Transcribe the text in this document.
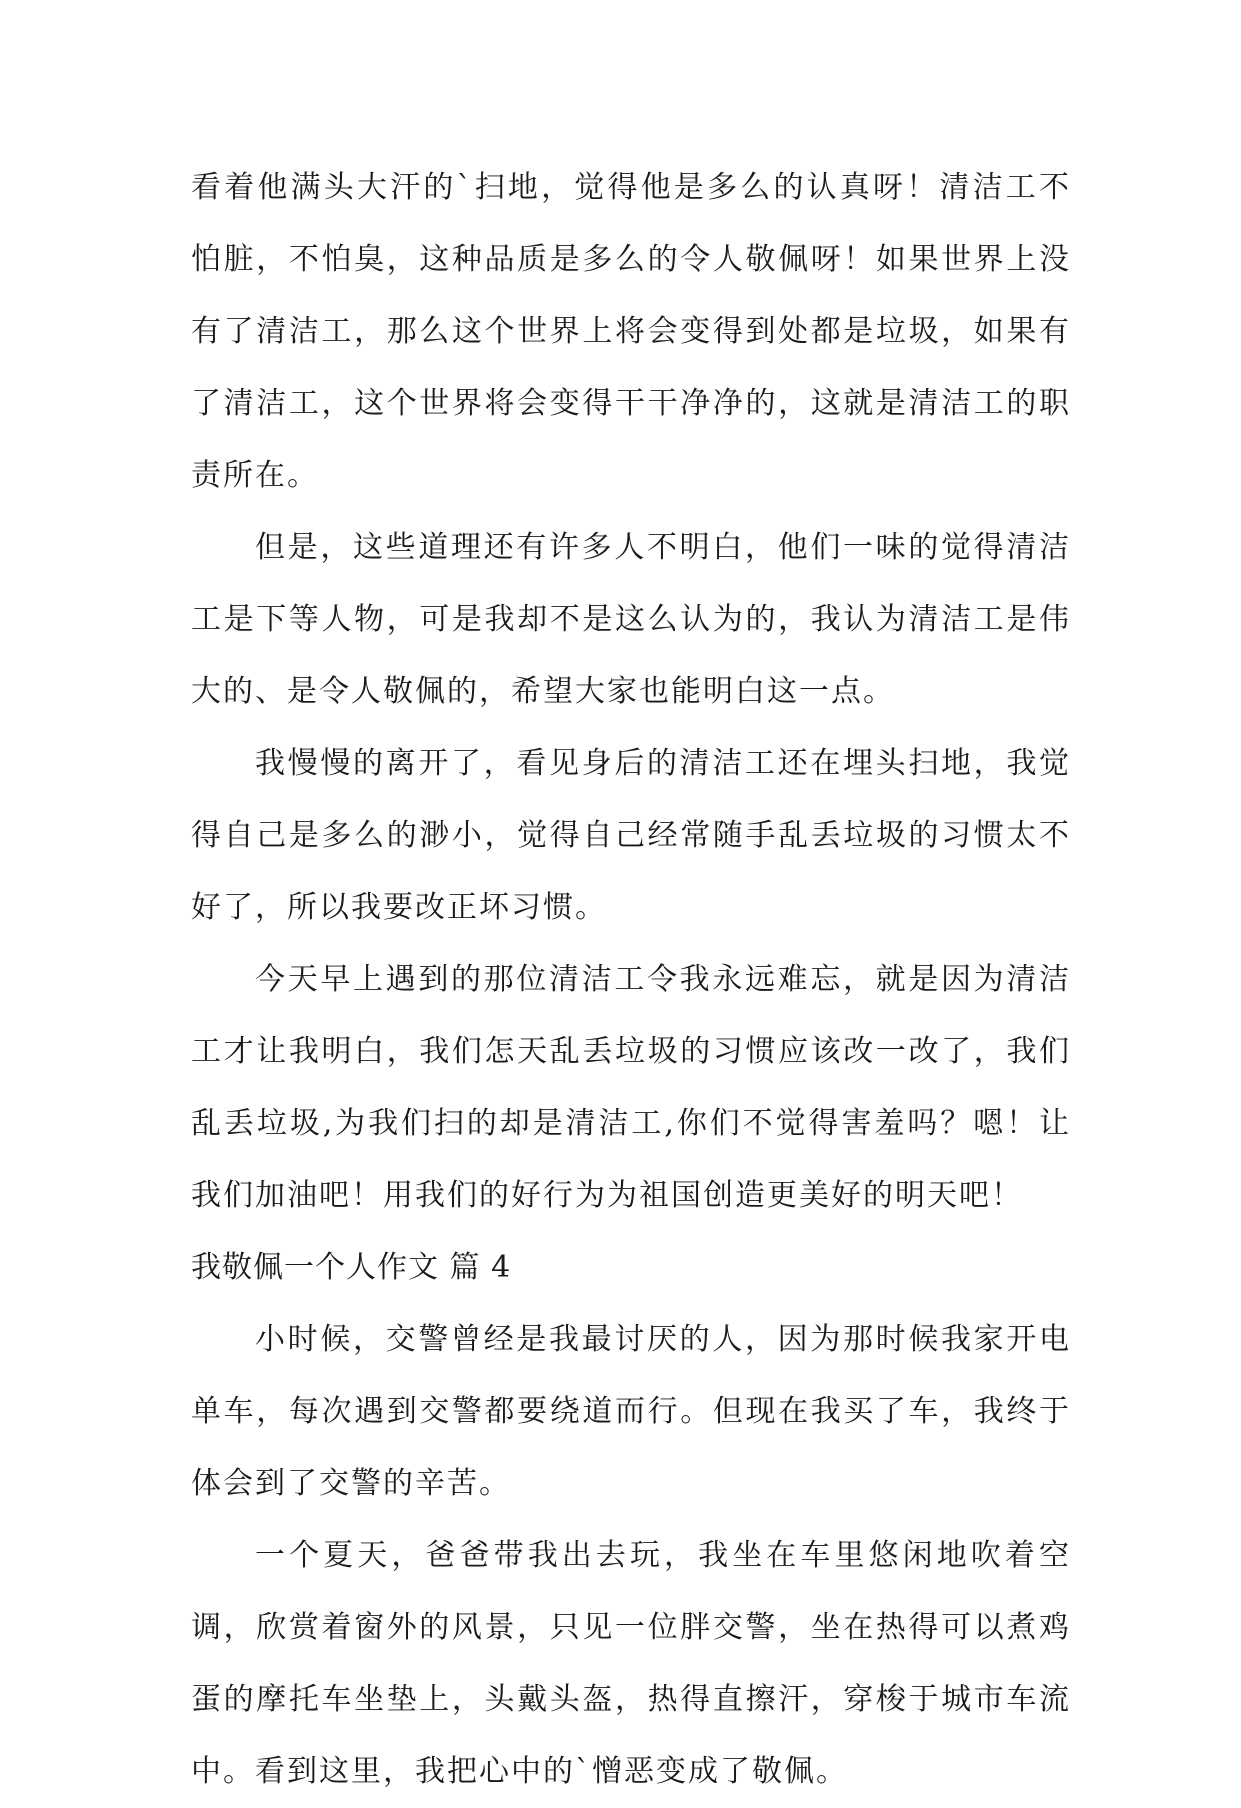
看着他满头大汗的`扫地，觉得他是多么的认真呀！清洁工不怕脏，不怕臭，这种品质是多么的令人敬佩呀！如果世界上没有了清洁工，那么这个世界上将会变得到处都是垃圾，如果有了清洁工，这个世界将会变得干干净净的，这就是清洁工的职责所在。

但是，这些道理还有许多人不明白，他们一味的觉得清洁工是下等人物，可是我却不是这么认为的，我认为清洁工是伟大的、是令人敬佩的，希望大家也能明白这一点。

我慢慢的离开了，看见身后的清洁工还在埋头扫地，我觉得自己是多么的渺小，觉得自己经常随手乱丢垃圾的习惯太不好了，所以我要改正坏习惯。

今天早上遇到的那位清洁工令我永远难忘，就是因为清洁工才让我明白，我们怎天乱丢垃圾的习惯应该改一改了，我们乱丢垃圾,为我们扫的却是清洁工,你们不觉得害羞吗？嗯！让我们加油吧！用我们的好行为为祖国创造更美好的明天吧！

我敬佩一个人作文 篇 4

小时候，交警曾经是我最讨厌的人，因为那时候我家开电单车，每次遇到交警都要绕道而行。但现在我买了车，我终于体会到了交警的辛苦。

一个夏天，爸爸带我出去玩，我坐在车里悠闲地吹着空调，欣赏着窗外的风景，只见一位胖交警，坐在热得可以煮鸡蛋的摩托车坐垫上，头戴头盔，热得直擦汗，穿梭于城市车流中。看到这里，我把心中的`憎恶变成了敬佩。
